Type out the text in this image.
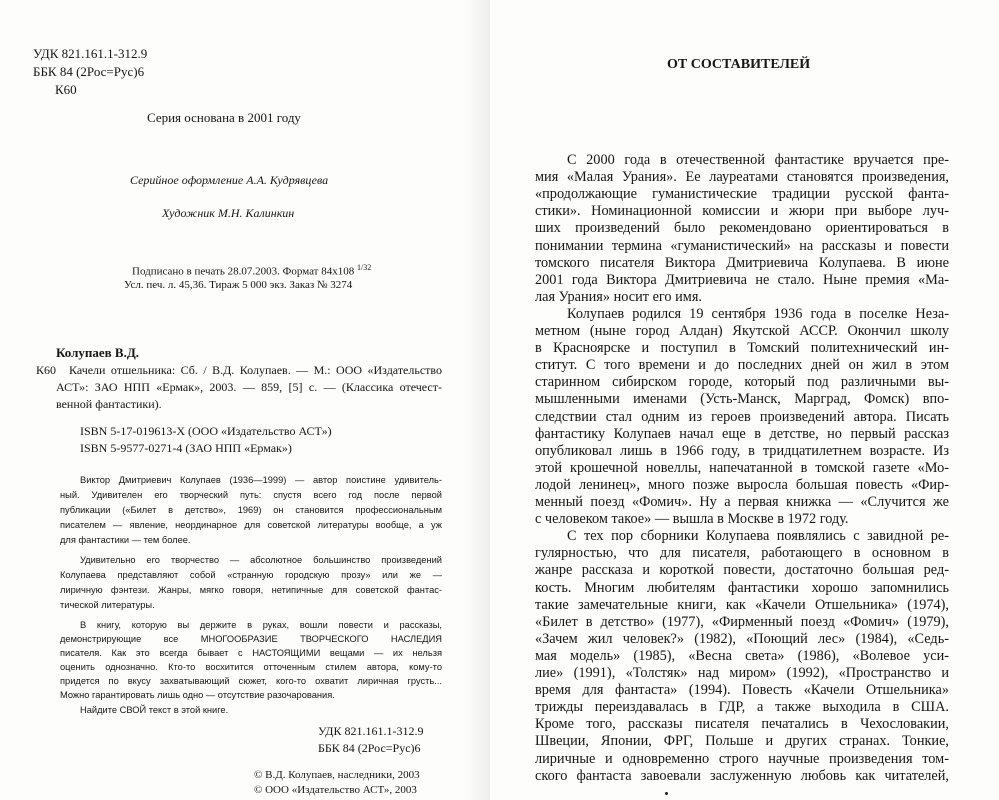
УДК 821.161.1-312.9
ББК 84 (2Рос=Рус)6
К60
Серия основана в 2001 году
Серийное оформление А.А. Кудрявцева
Художник М.Н. Калинкин
Подписано в печать 28.07.2003. Формат 84x108 $^{1/32}$
Усл. печ. л. 45,36. Тираж 5 000 экз. Заказ № 3274
Колупаев В.Д.
К60 Качели отшельника: Сб. / В.Д. Колупаев. — М.: ООО «Издательство
АСТ»: ЗАО НПП «Ермак», 2003. — 859, [5] с. — (Классика отечест-
венной фантастики).
ISBN 5-17-019613-X (ООО «Издательство АСТ»)
ISBN 5-9577-0271-4 (ЗАО НПП «Ермак»)
Виктор Дмитриевич Колупаев (1936—1999) — автор поистине удивитель-
ный. Удивителен его творческий путь: спустя всего год после первой
публикации («Билет в детство», 1969) он становится профессиональным
писателем — явление, неординарное для советской литературы вообще, а уж
для фантастики — тем более.
Удивительно его творчество — абсолютное большинство произведений
Колупаева представляют собой «странную городскую прозу» или же —
лиричную фэнтези. Жанры, мягко говоря, нетипичные для советской фантас-
тической литературы.
В книгу, которую вы держите в руках, вошли повести и рассказы,
демонстрирующие все МНОГООБРАЗИЕ ТВОРЧЕСКОГО НАСЛЕДИЯ
писателя. Как это всегда бывает с НАСТОЯЩИМИ вещами — их нельзя
оценить однозначно. Кто-то восхитится отточенным стилем автора, кому-то
придется по вкусу захватывающий сюжет, кого-то охватит лиричная грусть...
Можно гарантировать лишь одно — отсутствие разочарования.
Найдите СВОЙ текст в этой книге.
УДК 821.161.1-312.9
ББК 84 (2Рос=Рус)6
© В.Д. Колупаев, наследники, 2003
© ООО «Издательство АСТ», 2003
ОТ СОСТАВИТЕЛЕЙ
С 2000 года в отечественной фантастике вручается пре-
мия «Малая Урания». Ее лауреатами становятся произведения,
«продолжающие гуманистические традиции русской фанта-
стики». Номинационной комиссии и жюри при выборе луч-
ших произведений было рекомендовано ориентироваться в
понимании термина «гуманистический» на рассказы и повести
томского писателя Виктора Дмитриевича Колупаева. В июне
2001 года Виктора Дмитриевича не стало. Ныне премия «Ма-
лая Урания» носит его имя.
Колупаев родился 19 сентября 1936 года в поселке Неза-
метном (ныне город Алдан) Якутской АССР. Окончил школу
в Красноярске и поступил в Томский политехнический ин-
ститут. С того времени и до последних дней он жил в этом
старинном сибирском городе, который под различными вы-
мышленными именами (Усть-Манск, Марград, Фомск) впо-
следствии стал одним из героев произведений автора. Писать
фантастику Колупаев начал еще в детстве, но первый рассказ
опубликовал лишь в 1966 году, в тридцатилетнем возрасте. Из
этой крошечной новеллы, напечатанной в томской газете «Мо-
лодой ленинец», много позже выросла большая повесть «Фир-
менный поезд «Фомич». Ну а первая книжка — «Случится же
с человеком такое» — вышла в Москве в 1972 году.
С тех пор сборники Колупаева появлялись с завидной ре-
гулярностью, что для писателя, работающего в основном в
жанре рассказа и короткой повести, достаточно большая ред-
кость. Многим любителям фантастики хорошо запомнились
такие замечательные книги, как «Качели Отшельника» (1974),
«Билет в детство» (1977), «Фирменный поезд «Фомич» (1979),
«Зачем жил человек?» (1982), «Поющий лес» (1984), «Седь-
мая модель» (1985), «Весна света» (1986), «Волевое уси-
лие» (1991), «Толстяк» над миром» (1992), «Пространство и
время для фантаста» (1994). Повесть «Качели Отшельника»
трижды переиздавалась в ГДР, а также выходила в США.
Кроме того, рассказы писателя печатались в Чехословакии,
Швеции, Японии, ФРГ, Польше и других странах. Тонкие,
лиричные и одновременно строго научные произведения том-
ского фантаста завоевали заслуженную любовь как читателей,
